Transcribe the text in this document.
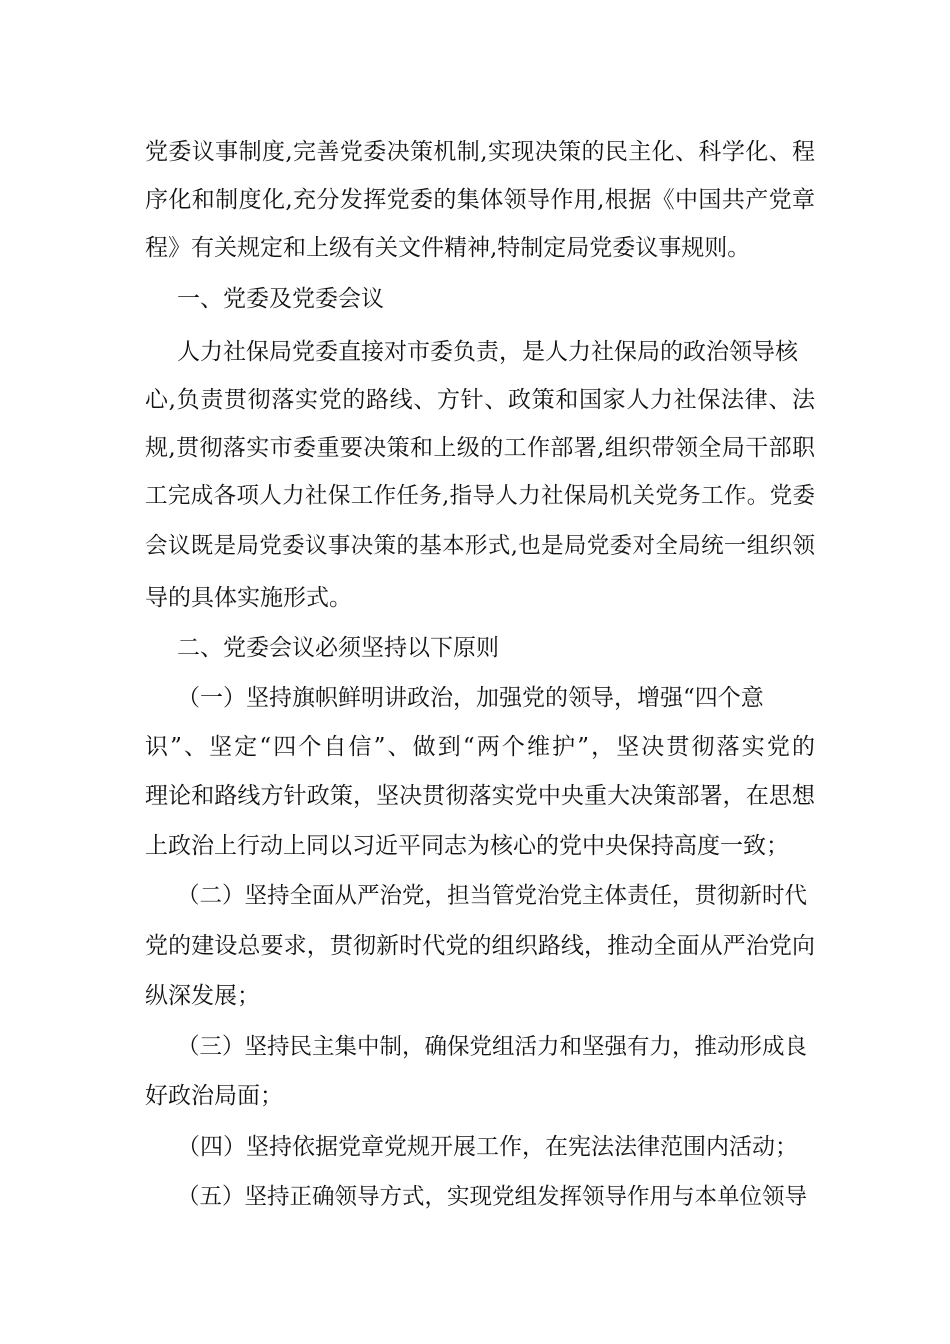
党委议事制度,完善党委决策机制,实现决策的民主化、科学化、程
序化和制度化,充分发挥党委的集体领导作用,根据《中国共产党章
程》有关规定和上级有关文件精神,特制定局党委议事规则。
一、党委及党委会议
人力社保局党委直接对市委负责，是人力社保局的政治领导核
心,负责贯彻落实党的路线、方针、政策和国家人力社保法律、法
规,贯彻落实市委重要决策和上级的工作部署,组织带领全局干部职
工完成各项人力社保工作任务,指导人力社保局机关党务工作。党委
会议既是局党委议事决策的基本形式,也是局党委对全局统一组织领
导的具体实施形式。
二、党委会议必须坚持以下原则
（一）坚持旗帜鲜明讲政治，加强党的领导，增强“四个意
识”、坚定“四个自信”、做到“两个维护”，坚决贯彻落实党的
理论和路线方针政策，坚决贯彻落实党中央重大决策部署，在思想
上政治上行动上同以习近平同志为核心的党中央保持高度一致；
（二）坚持全面从严治党，担当管党治党主体责任，贯彻新时代
党的建设总要求，贯彻新时代党的组织路线，推动全面从严治党向
纵深发展；
（三）坚持民主集中制，确保党组活力和坚强有力，推动形成良
好政治局面；
（四）坚持依据党章党规开展工作，在宪法法律范围内活动；
（五）坚持正确领导方式，实现党组发挥领导作用与本单位领导
